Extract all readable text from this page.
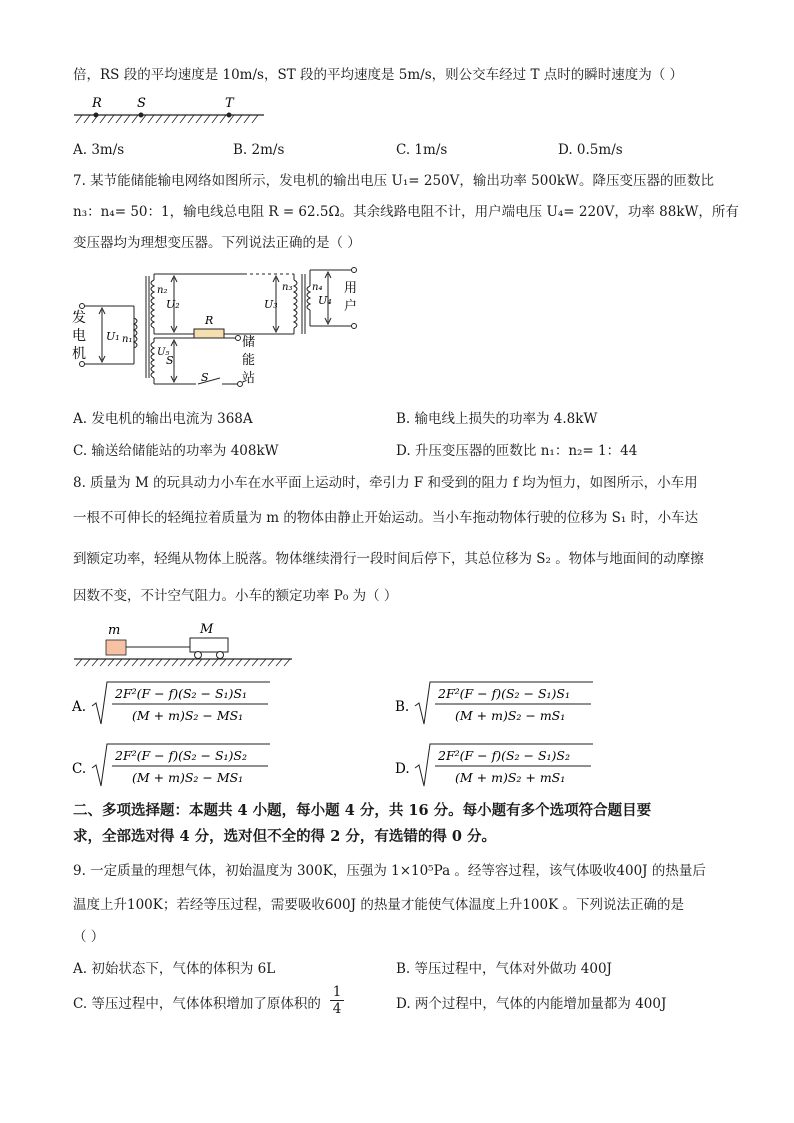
倍，RS 段的平均速度是 10m/s，ST 段的平均速度是 5m/s，则公交车经过 T 点时的瞬时速度为（ ）
R	S	T
A. 3m/s	B. 2m/s	C. 1m/s	D. 0.5m/s
7. 某节能储能输电网络如图所示，发电机的输出电压 U₁= 250V，输出功率 500kW。降压变压器的匝数比
n₃：n₄= 50：1，输电线总电阻 R = 62.5Ω。其余线路电阻不计，用户端电压 U₄= 220V，功率 88kW，所有
变压器均为理想变压器。下列说法正确的是（ ）
发
电
机
U₁ n₁
n₂
U₂
R
U₅
S
S
储
能
站
n₃
U₃
n₄
U₄
用
户
A. 发电机的输出电流为 368A	B. 输电线上损失的功率为 4.8kW
C. 输送给储能站的功率为 408kW	D. 升压变压器的匝数比 n₁：n₂= 1：44
8. 质量为 M 的玩具动力小车在水平面上运动时，牵引力 F 和受到的阻力 f 均为恒力，如图所示，小车用
一根不可伸长的轻绳拉着质量为 m 的物体由静止开始运动。当小车拖动物体行驶的位移为 S₁ 时，小车达
到额定功率，轻绳从物体上脱落。物体继续滑行一段时间后停下，其总位移为 S₂ 。物体与地面间的动摩擦
因数不变，不计空气阻力。小车的额定功率 P₀ 为（ ）
m	M
A.
2F²(F − f)(S₂ − S₁)S₁
(M + m)S₂ − MS₁
B.
2F²(F − f)(S₂ − S₁)S₁
(M + m)S₂ − mS₁
C.
2F²(F − f)(S₂ − S₁)S₂
(M + m)S₂ − MS₁
D.
2F²(F − f)(S₂ − S₁)S₂
(M + m)S₂ + mS₁
二、多项选择题：本题共 4 小题，每小题 4 分，共 16 分。每小题有多个选项符合题目要
求，全部选对得 4 分，选对但不全的得 2 分，有选错的得 0 分。
9. 一定质量的理想气体，初始温度为 300K，压强为 1×10⁵Pa 。经等容过程，该气体吸收400J 的热量后
温度上升100K；若经等压过程，需要吸收600J 的热量才能使气体温度上升100K 。下列说法正确的是
（ ）
A. 初始状态下，气体的体积为 6L	B. 等压过程中，气体对外做功 400J
C. 等压过程中，气体体积增加了原体积的 $\frac{1}{4}$	D. 两个过程中，气体的内能增加量都为 400J
